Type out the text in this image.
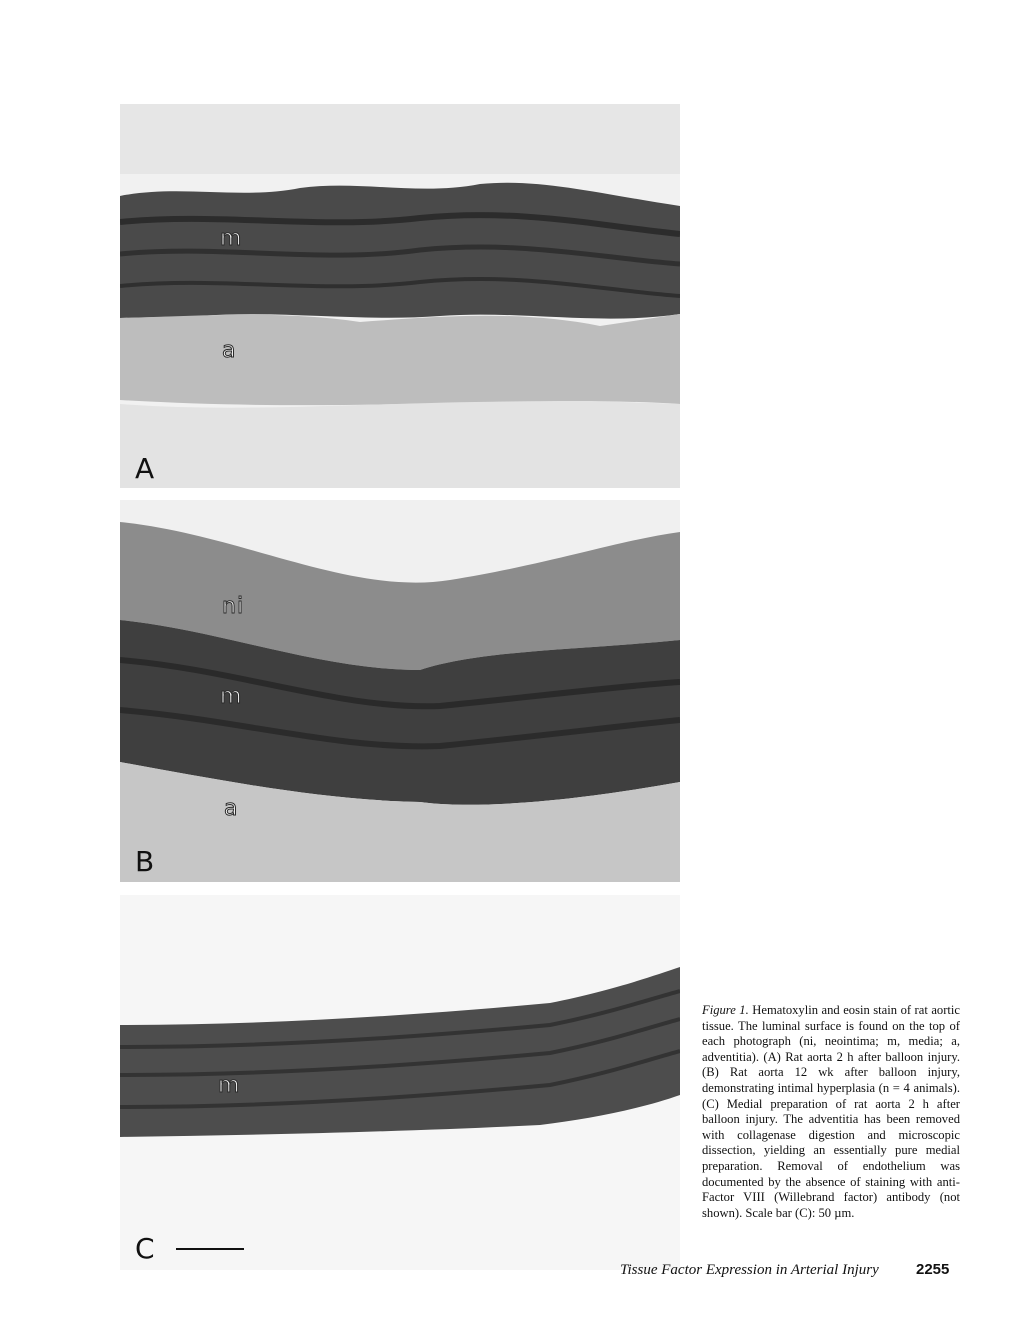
m
a
A
ni
m
a
B
m
C
Figure 1. Hematoxylin and eosin stain of rat aortic tissue. The luminal surface is found on the top of each photograph (ni, neointima; m, media; a, adventitia). (A) Rat aorta 2 h after balloon injury. (B) Rat aorta 12 wk after balloon injury, demonstrating intimal hyperplasia (n = 4 animals). (C) Medial preparation of rat aorta 2 h after balloon injury. The adventitia has been removed with collagenase digestion and microscopic dissection, yielding an essentially pure medial preparation. Removal of endothelium was documented by the absence of staining with anti-Factor VIII (Willebrand factor) antibody (not shown). Scale bar (C): 50 µm.
Tissue Factor Expression in Arterial Injury 2255
